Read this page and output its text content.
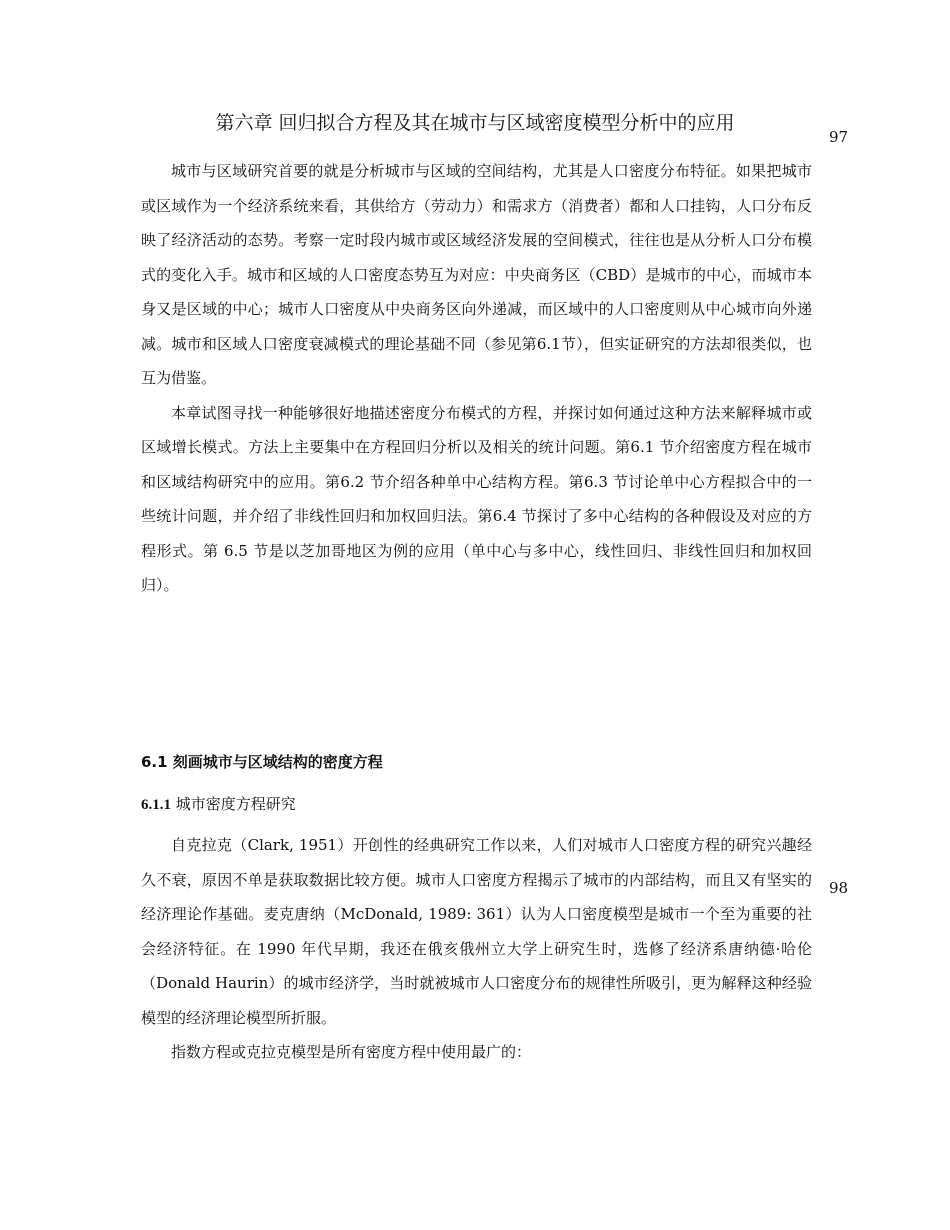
第六章 回归拟合方程及其在城市与区域密度模型分析中的应用
97

城市与区域研究首要的就是分析城市与区域的空间结构，尤其是人口密度分布特征。如果把城市或区域作为一个经济系统来看，其供给方（劳动力）和需求方（消费者）都和人口挂钩，人口分布反映了经济活动的态势。考察一定时段内城市或区域经济发展的空间模式，往往也是从分析人口分布模式的变化入手。城市和区域的人口密度态势互为对应：中央商务区（CBD）是城市的中心，而城市本身又是区域的中心；城市人口密度从中央商务区向外递减，而区域中的人口密度则从中心城市向外递减。城市和区域人口密度衰减模式的理论基础不同（参见第6.1节），但实证研究的方法却很类似，也互为借鉴。

本章试图寻找一种能够很好地描述密度分布模式的方程，并探讨如何通过这种方法来解释城市或区域增长模式。方法上主要集中在方程回归分析以及相关的统计问题。第6.1 节介绍密度方程在城市和区域结构研究中的应用。第6.2 节介绍各种单中心结构方程。第6.3 节讨论单中心方程拟合中的一些统计问题，并介绍了非线性回归和加权回归法。第6.4 节探讨了多中心结构的各种假设及对应的方程形式。第 6.5 节是以芝加哥地区为例的应用（单中心与多中心，线性回归、非线性回归和加权回归）。

6.1 刻画城市与区域结构的密度方程
6.1.1 城市密度方程研究
98

自克拉克（Clark, 1951）开创性的经典研究工作以来，人们对城市人口密度方程的研究兴趣经久不衰，原因不单是获取数据比较方便。城市人口密度方程揭示了城市的内部结构，而且又有坚实的经济理论作基础。麦克唐纳（McDonald, 1989: 361）认为人口密度模型是城市一个至为重要的社会经济特征。在 1990 年代早期，我还在俄亥俄州立大学上研究生时，选修了经济系唐纳德·哈伦（Donald Haurin）的城市经济学，当时就被城市人口密度分布的规律性所吸引，更为解释这种经验模型的经济理论模型所折服。

指数方程或克拉克模型是所有密度方程中使用最广的：
